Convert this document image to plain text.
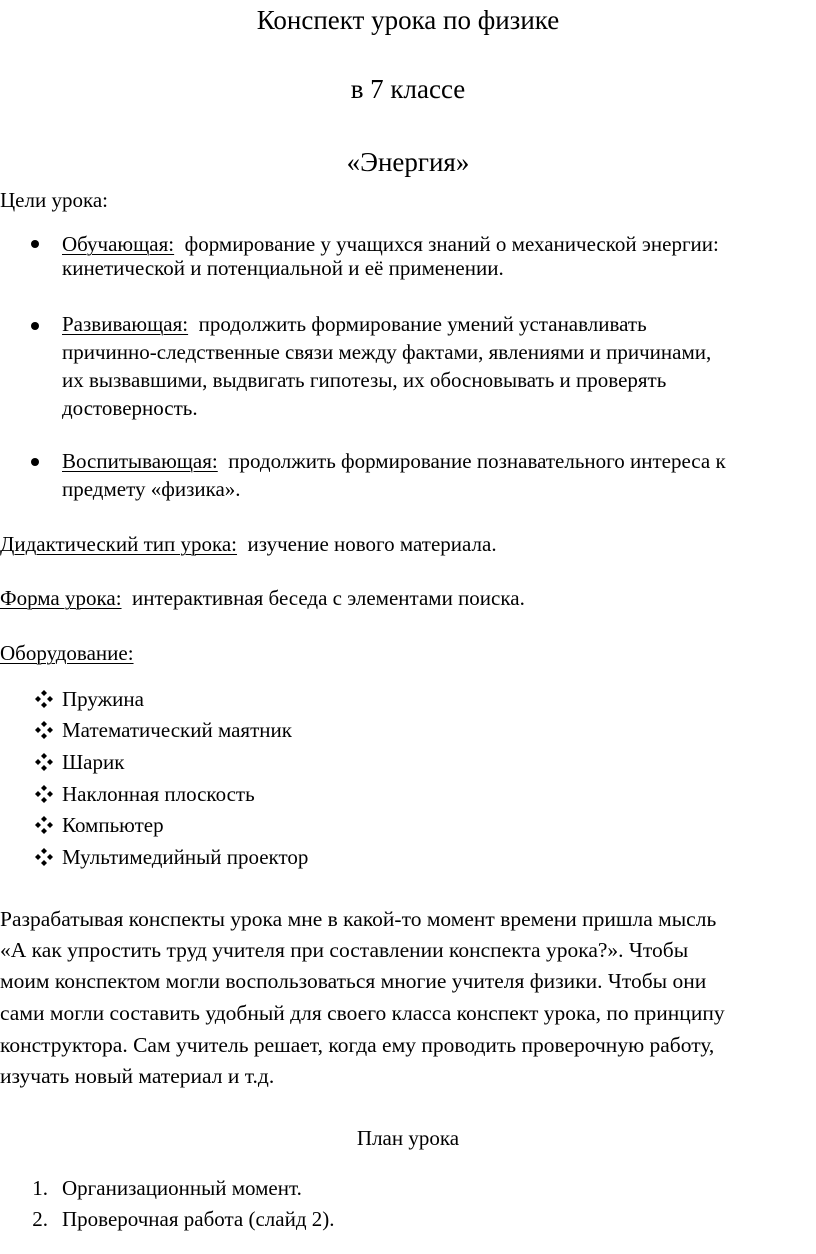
Конспект урока по физике
в 7 классе
«Энергия»
Цели урока:
Обучающая: формирование у учащихся знаний о механической энергии:
кинетической и потенциальной и её применении.
Развивающая: продолжить формирование умений устанавливать
причинно-следственные связи между фактами, явлениями и причинами,
их вызвавшими, выдвигать гипотезы, их обосновывать и проверять
достоверность.
Воспитывающая: продолжить формирование познавательного интереса к
предмету «физика».
Дидактический тип урока: изучение нового материала.
Форма урока: интерактивная беседа с элементами поиска.
Оборудование:
Пружина
Математический маятник
Шарик
Наклонная плоскость
Компьютер
Мультимедийный проектор
Разрабатывая конспекты урока мне в какой-то момент времени пришла мысль
«А как упростить труд учителя при составлении конспекта урока?». Чтобы
моим конспектом могли воспользоваться многие учителя физики. Чтобы они
сами могли составить удобный для своего класса конспект урока, по принципу
конструктора. Сам учитель решает, когда ему проводить проверочную работу,
изучать новый материал и т.д.
План урока
1. Организационный момент.
2. Проверочная работа (слайд 2).
